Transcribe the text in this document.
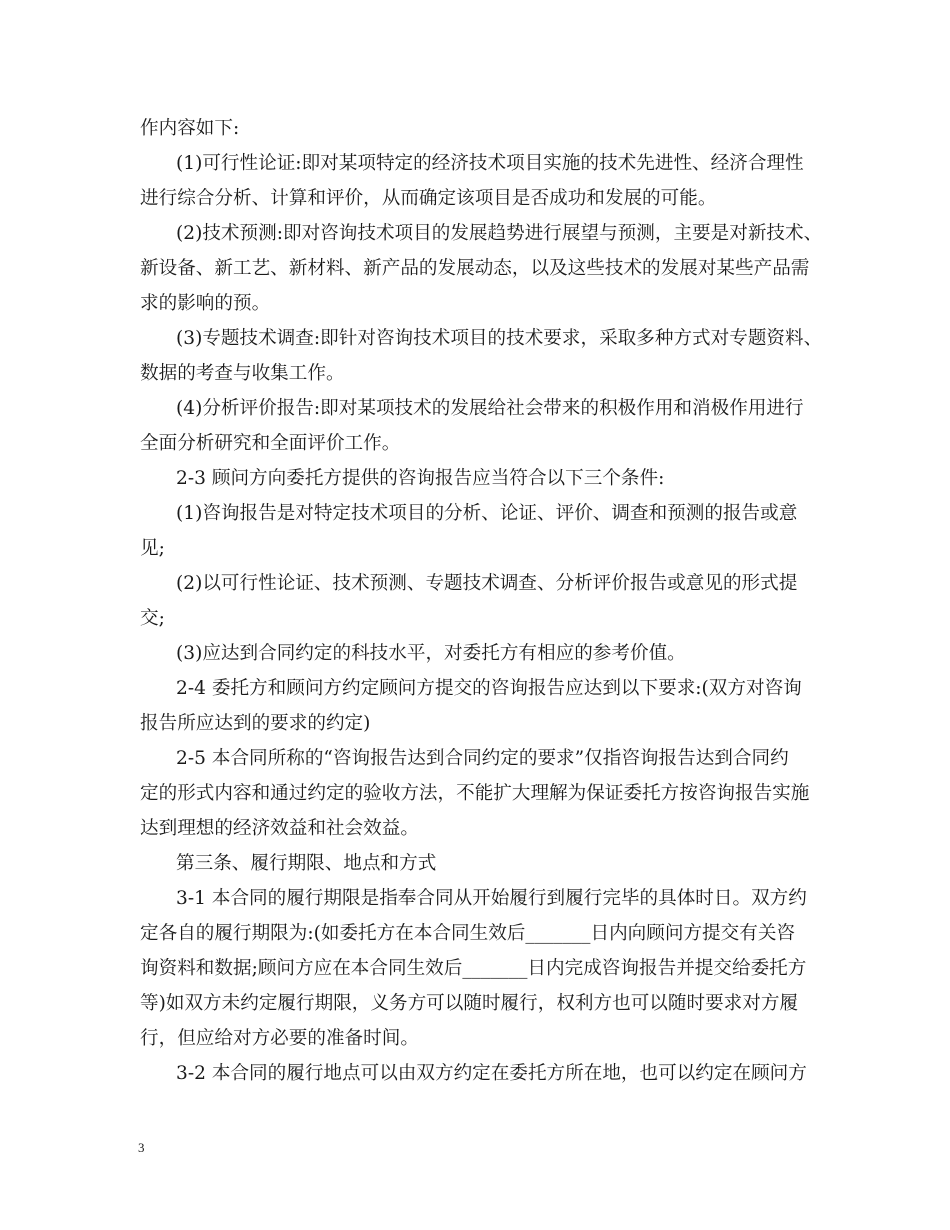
作内容如下:
(1)可行性论证:即对某项特定的经济技术项目实施的技术先进性、经济合理性
进行综合分析、计算和评价，从而确定该项目是否成功和发展的可能。
(2)技术预测:即对咨询技术项目的发展趋势进行展望与预测，主要是对新技术、
新设备、新工艺、新材料、新产品的发展动态，以及这些技术的发展对某些产品需
求的影响的预。
(3)专题技术调查:即针对咨询技术项目的技术要求，采取多种方式对专题资料、
数据的考查与收集工作。
(4)分析评价报告:即对某项技术的发展给社会带来的积极作用和消极作用进行
全面分析研究和全面评价工作。
2-3 顾问方向委托方提供的咨询报告应当符合以下三个条件:
(1)咨询报告是对特定技术项目的分析、论证、评价、调查和预测的报告或意
见;
(2)以可行性论证、技术预测、专题技术调查、分析评价报告或意见的形式提
交;
(3)应达到合同约定的科技水平，对委托方有相应的参考价值。
2-4 委托方和顾问方约定顾问方提交的咨询报告应达到以下要求:(双方对咨询
报告所应达到的要求的约定)
2-5 本合同所称的“咨询报告达到合同约定的要求”仅指咨询报告达到合同约
定的形式内容和通过约定的验收方法，不能扩大理解为保证委托方按咨询报告实施
达到理想的经济效益和社会效益。
第三条、履行期限、地点和方式
3-1 本合同的履行期限是指奉合同从开始履行到履行完毕的具体时日。双方约
定各自的履行期限为:(如委托方在本合同生效后_______日内向顾问方提交有关咨
询资料和数据;顾问方应在本合同生效后_______日内完成咨询报告并提交给委托方
等)如双方未约定履行期限，义务方可以随时履行，权利方也可以随时要求对方履
行，但应给对方必要的准备时间。
3-2 本合同的履行地点可以由双方约定在委托方所在地，也可以约定在顾问方
3
